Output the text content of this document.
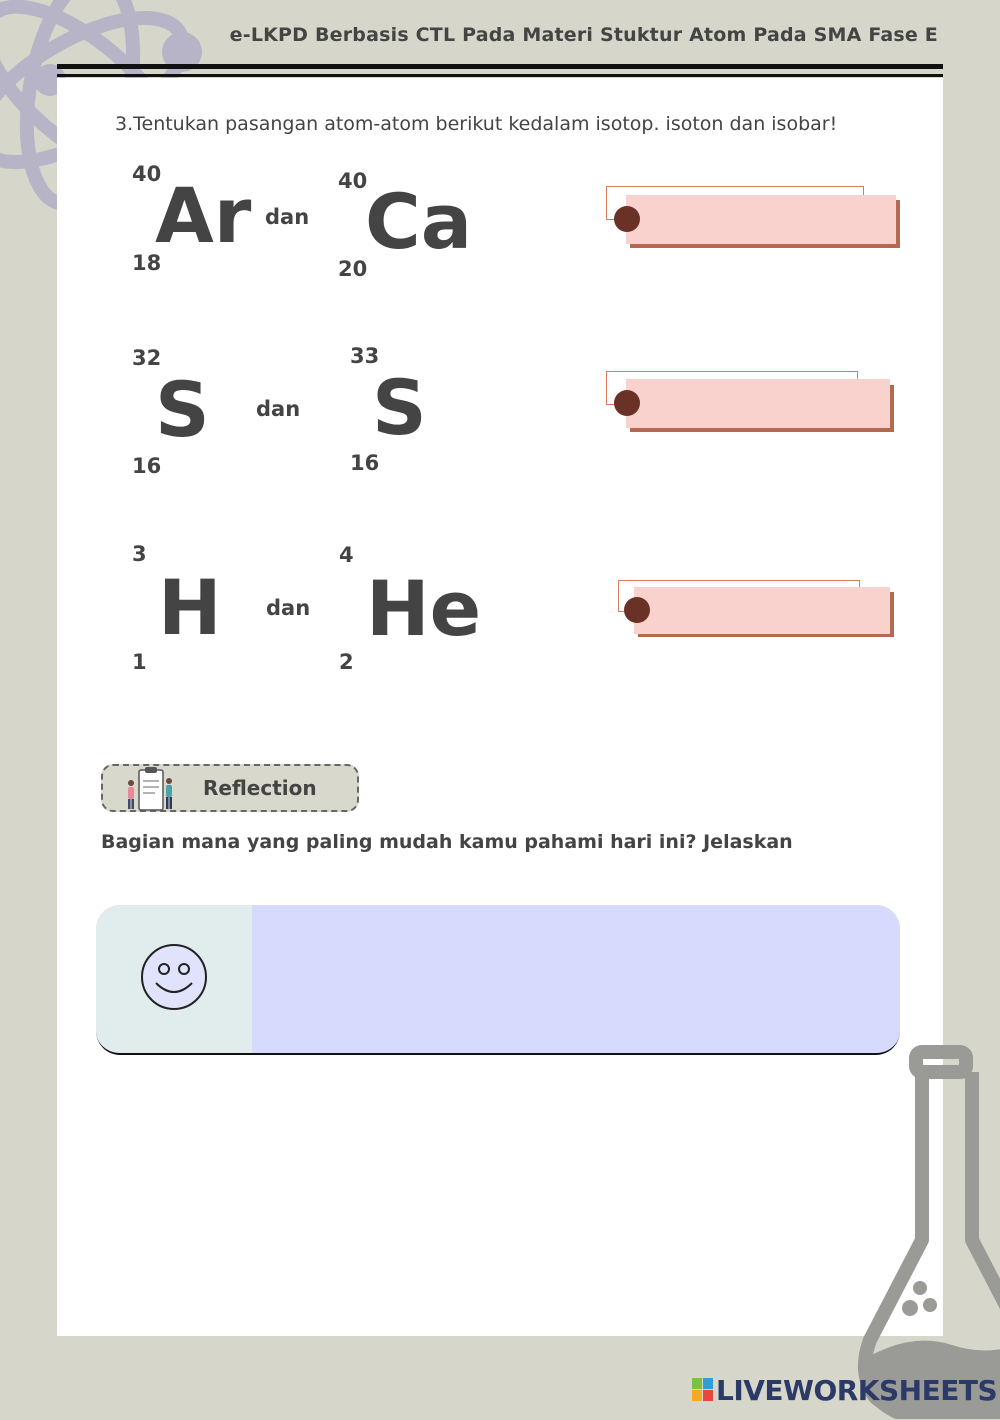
e-LKPD Berbasis CTL Pada Materi Stuktur Atom Pada SMA Fase E
3.Tentukan pasangan atom-atom berikut kedalam isotop. isoton dan isobar!
40
Ar
18
dan
40
Ca
20
32
S
16
dan
33
S
16
3
H
1
dan
4
He
2
Reflection
Bagian mana yang paling mudah kamu pahami hari ini? Jelaskan
LIVEWORKSHEETS
